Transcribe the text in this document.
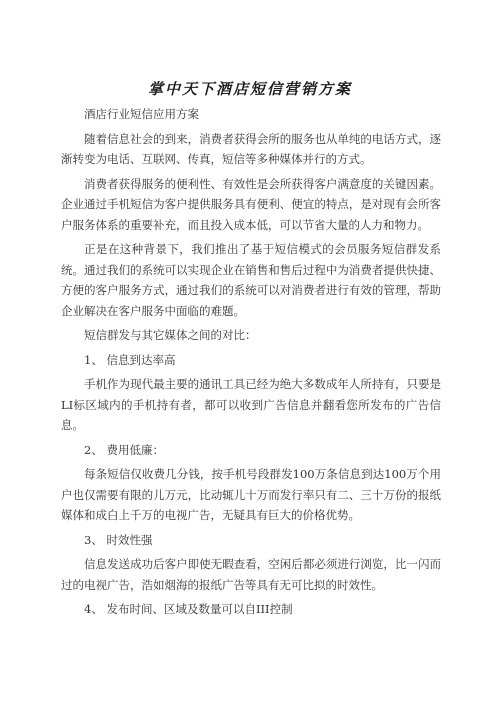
掌中天下酒店短信营销方案

酒店行业短信应用方案

随着信息社会的到来，消费者获得会所的服务也从单纯的电话方式，逐渐转变为电话、互联网、传真，短信等多种媒体并行的方式。

消费者获得服务的便利性、有效性是会所获得客户满意度的关键因素。企业通过手机短信为客户提供服务具有便利、便宜的特点，是对现有会所客户服务体系的重要补充，而且投入成本低，可以节省大量的人力和物力。

正是在这种背景下，我们推出了基于短信模式的会员服务短信群发系统。通过我们的系统可以实现企业在销售和售后过程中为消费者提供快捷、方便的客户服务方式，通过我们的系统可以对消费者进行有效的管理，帮助企业解决在客户服务中面临的难题。

短信群发与其它媒体之间的对比：

1、 信息到达率高

手机作为现代最主要的通讯工具已经为绝大多数成年人所持有，只要是LI标区域内的手机持有者，都可以收到广告信息并翻看您所发布的广告信息。

2、 费用低廉：

每条短信仅收费几分钱，按手机号段群发100万条信息到达100万个用户也仅需要有限的儿万元，比动辄儿十万而发行率只有二、三十万份的报纸媒体和成白上千万的电视广告，无疑具有巨大的价格优势。

3、 时效性强

信息发送成功后客户即使无暇查看，空闲后都必须进行浏览，比一闪而过的电视广告，浩如烟海的报纸广告等具有无可比拟的时效性。

4、 发布时间、区域及数量可以自III控制
